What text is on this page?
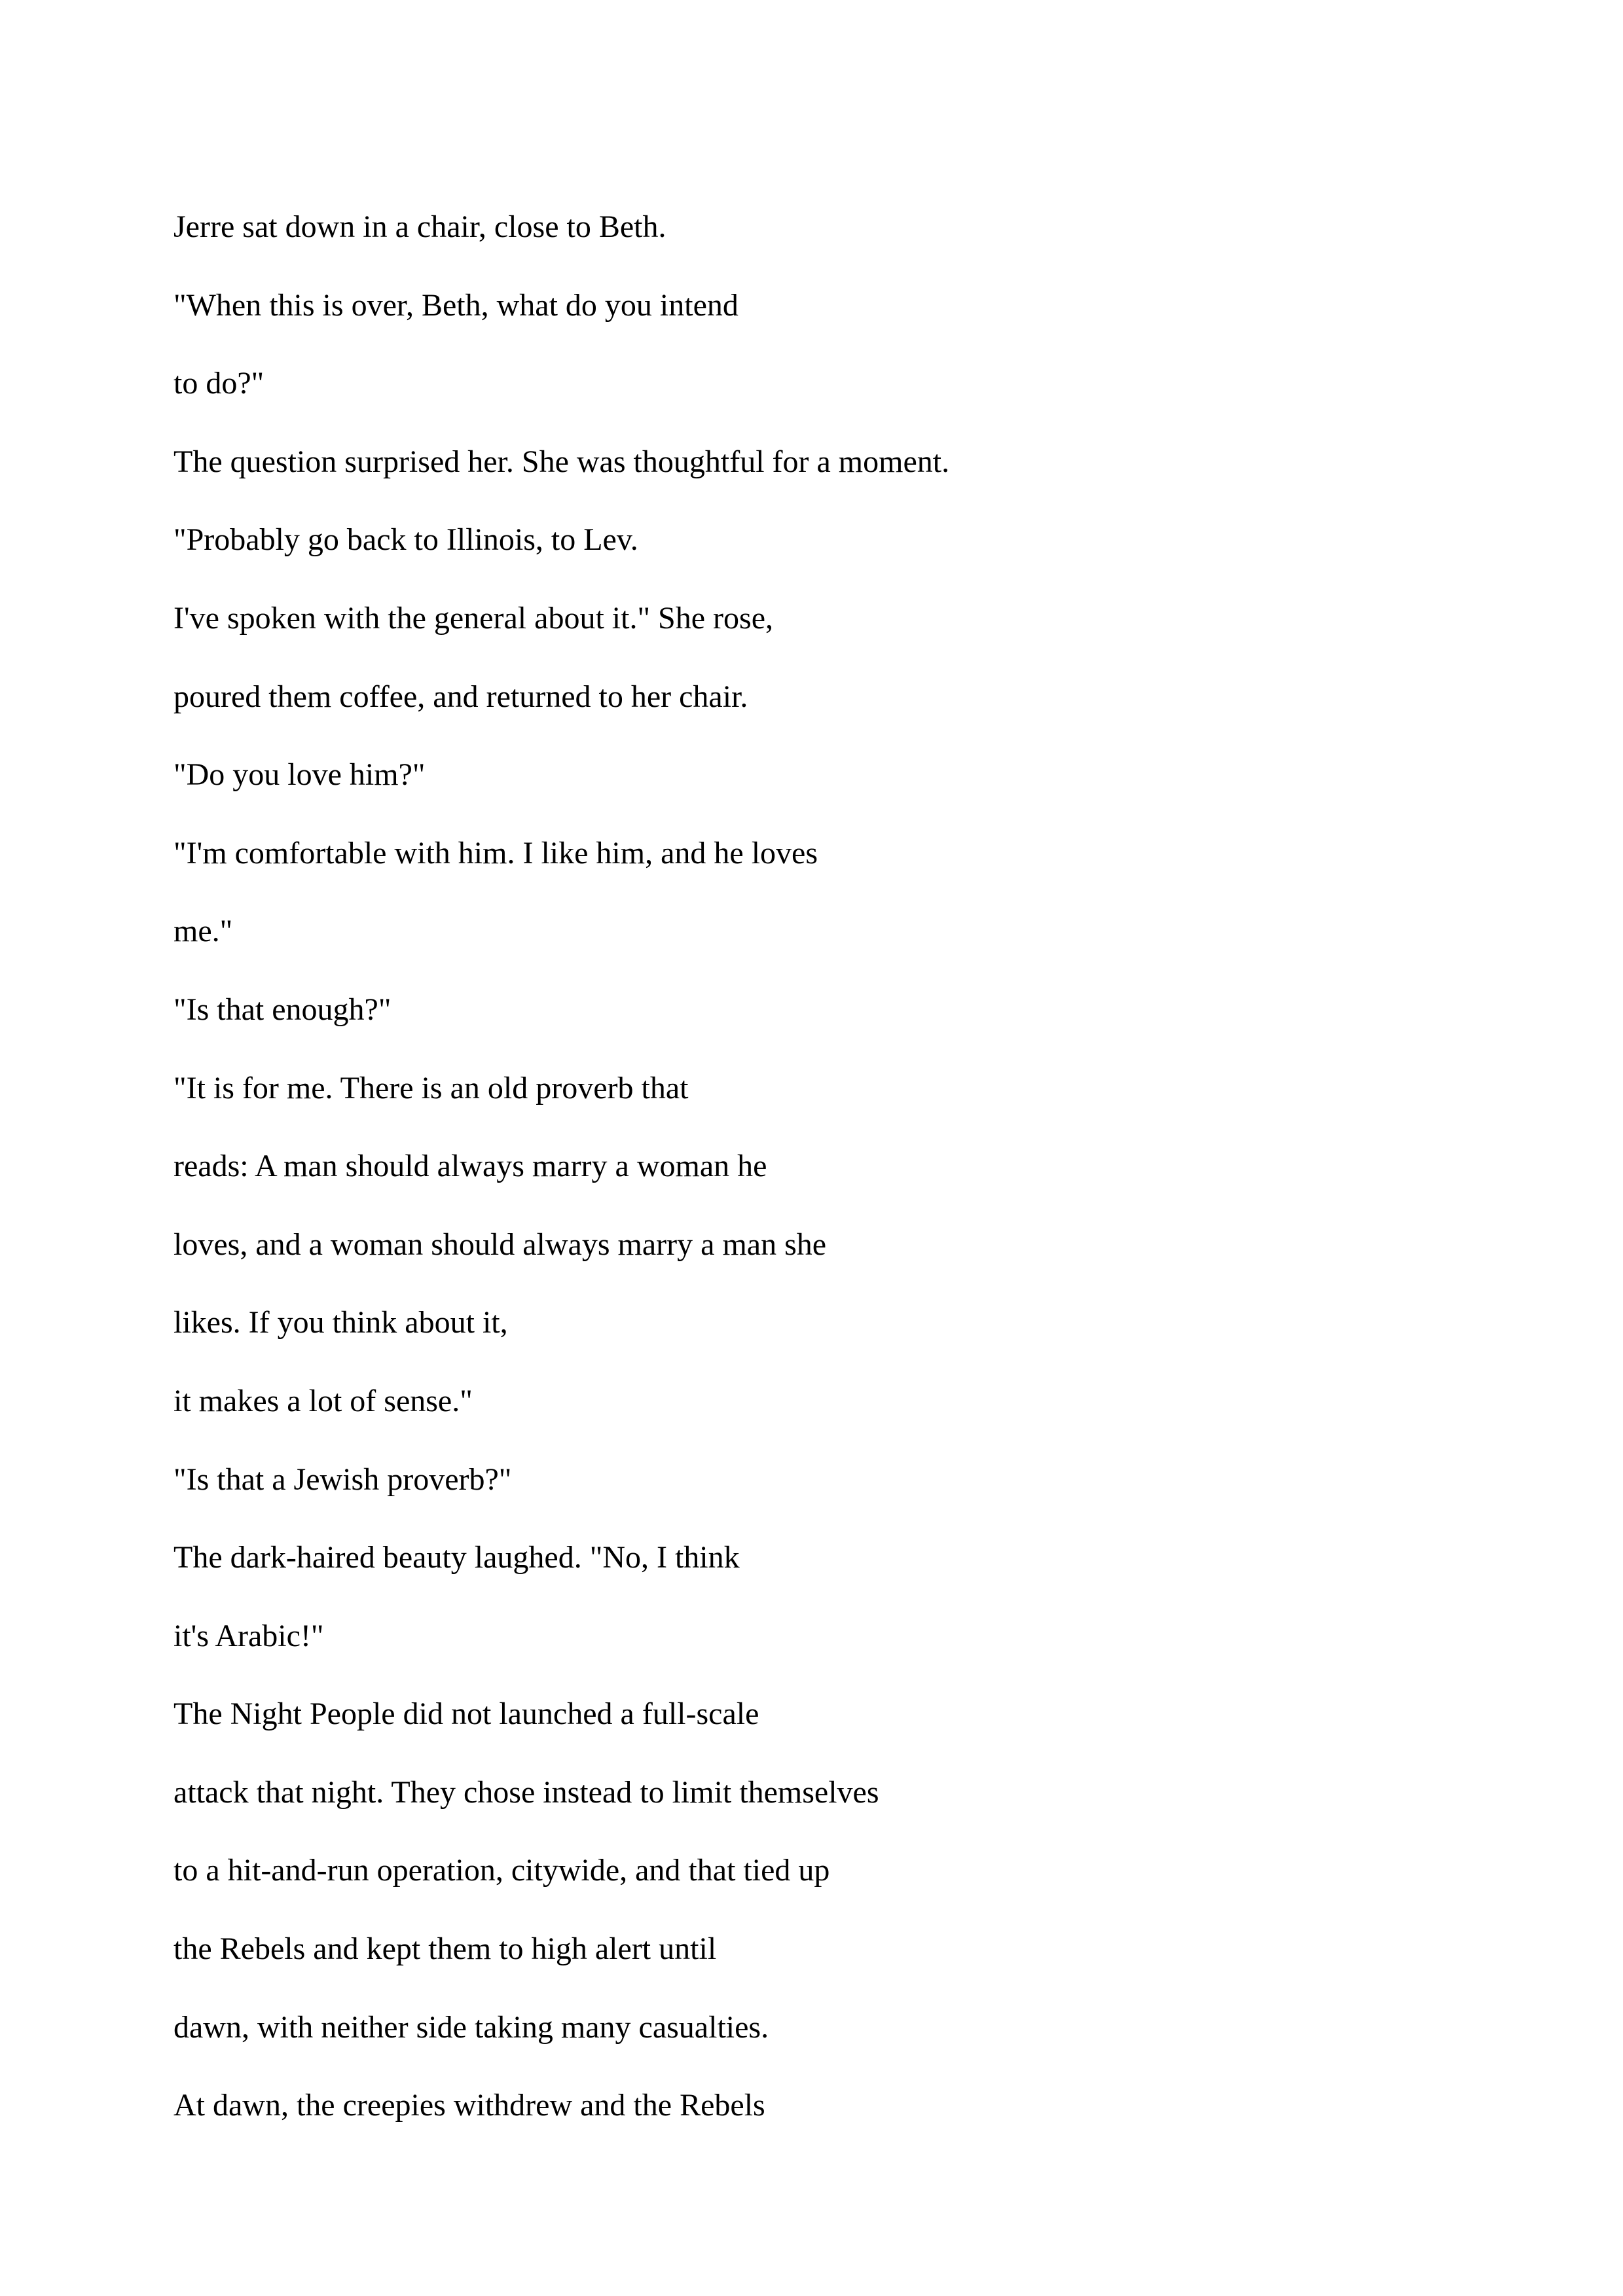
Jerre sat down in a chair, close to Beth.

"When this is over, Beth, what do you intend

to do?"

The question surprised her. She was thoughtful for a moment.

"Probably go back to Illinois, to Lev.

I've spoken with the general about it." She rose,

poured them coffee, and returned to her chair.

"Do you love him?"

"I'm comfortable with him. I like him, and he loves

me."

"Is that enough?"

"It is for me. There is an old proverb that

reads: A man should always marry a woman he

loves, and a woman should always marry a man she

likes. If you think about it,

it makes a lot of sense."

"Is that a Jewish proverb?"

The dark-haired beauty laughed. "No, I think

it's Arabic!"

The Night People did not launched a full-scale

attack that night. They chose instead to limit themselves

to a hit-and-run operation, citywide, and that tied up

the Rebels and kept them to high alert until

dawn, with neither side taking many casualties.

At dawn, the creepies withdrew and the Rebels
